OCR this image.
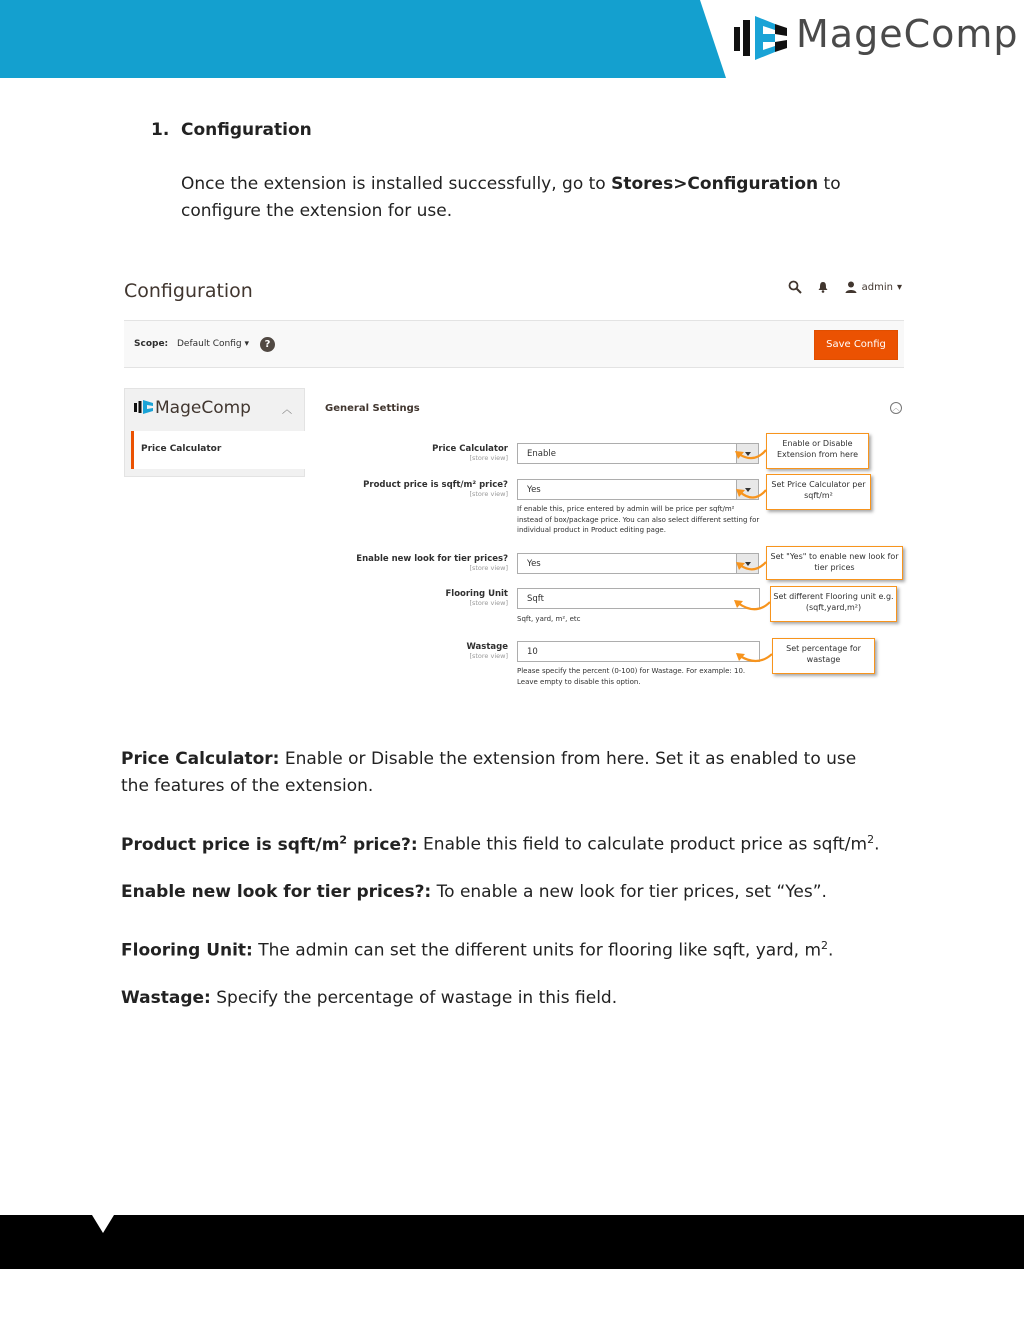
MageComp
1. Configuration
Once the extension is installed successfully, go to Stores>Configuration to configure the extension for use.
Configuration	admin ▾
Scope: Default Config ▾	?	Save Config
MageComp	︿
Price Calculator
General Settings	︿
Price Calculator
[store view]	Enable
Product price is sqft/m² price?
[store view]	Yes
If enable this, price entered by admin will be price per sqft/m² instead of box/package price. You can also select different setting for individual product in Product editing page.
Enable new look for tier prices?
[store view]	Yes
Flooring Unit
[store view]	Sqft
Sqft, yard, m², etc
Wastage
[store view]	10
Please specify the percent (0-100) for Wastage. For example: 10. Leave empty to disable this option.
Enable or Disable Extension from here
Set Price Calculator per sqft/m²
Set "Yes" to enable new look for tier prices
Set different Flooring unit e.g.(sqft,yard,m²)
Set percentage for wastage
Price Calculator: Enable or Disable the extension from here. Set it as enabled to use the features of the extension.
Product price is sqft/$m^2$ price?: Enable this field to calculate product price as sqft/$m^2$.
Enable new look for tier prices?: To enable a new look for tier prices, set “Yes”.
Flooring Unit: The admin can set the different units for flooring like sqft, yard, $m^2$.
Wastage: Specify the percentage of wastage in this field.
